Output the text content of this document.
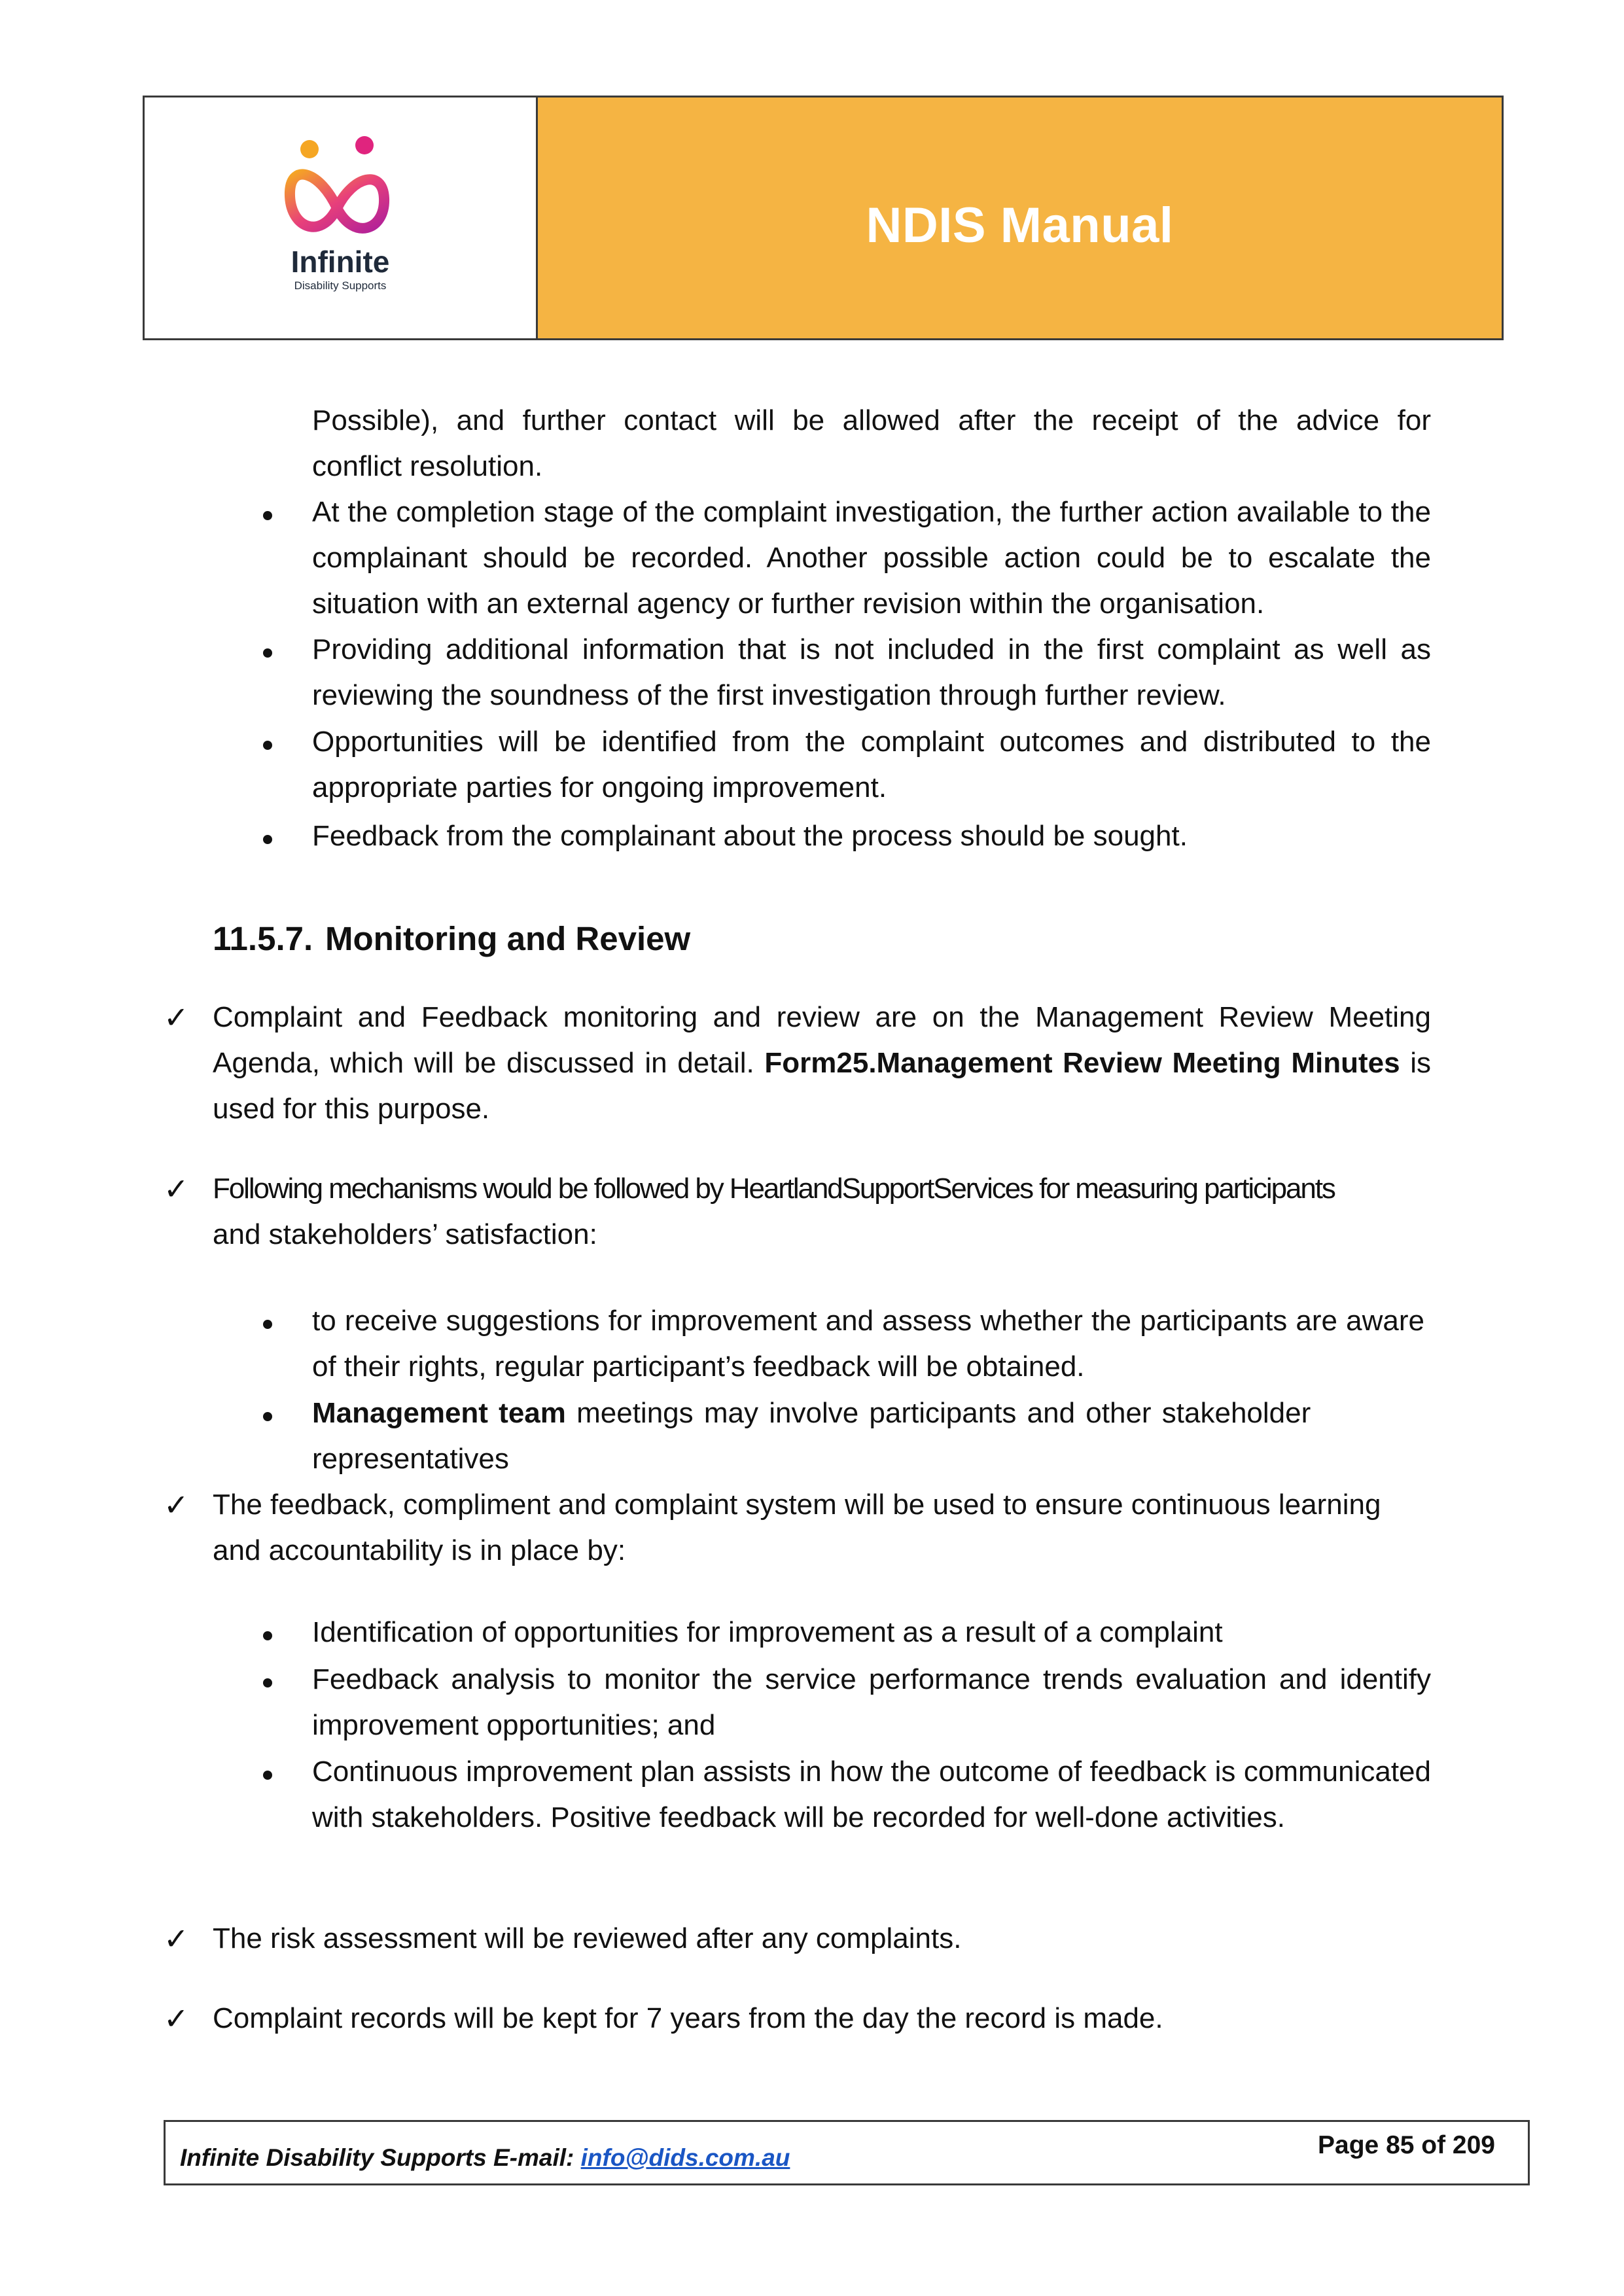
Infinite
Disability Supports
NDIS Manual
Possible), and further contact will be allowed after the receipt of the advice for
conflict resolution.
At the completion stage of the complaint investigation, the further action available to the complainant should be recorded. Another possible action could be to escalate the situation with an external agency or further revision within the organisation.
Providing additional information that is not included in the first complaint as well as reviewing the soundness of the first investigation through further review.
Opportunities will be identified from the complaint outcomes and distributed to the appropriate parties for ongoing improvement.
Feedback from the complainant about the process should be sought.
11.5.7. Monitoring and Review
✓ Complaint and Feedback monitoring and review are on the Management Review Meeting Agenda, which will be discussed in detail. Form25.Management Review Meeting Minutes is used for this purpose.
✓ Following mechanisms would be followed by HeartlandSupportServices for measuring participants
and stakeholders’ satisfaction:
to receive suggestions for improvement and assess whether the participants are aware of their rights, regular participant’s feedback will be obtained.
Management team meetings may involve participants and other stakeholder representatives
✓ The feedback, compliment and complaint system will be used to ensure continuous learning and accountability is in place by:
Identification of opportunities for improvement as a result of a complaint
Feedback analysis to monitor the service performance trends evaluation and identify improvement opportunities; and
Continuous improvement plan assists in how the outcome of feedback is communicated with stakeholders. Positive feedback will be recorded for well-done activities.
✓ The risk assessment will be reviewed after any complaints.
✓ Complaint records will be kept for 7 years from the day the record is made.
Infinite Disability Supports E-mail: info@dids.com.au	Page 85 of 209
